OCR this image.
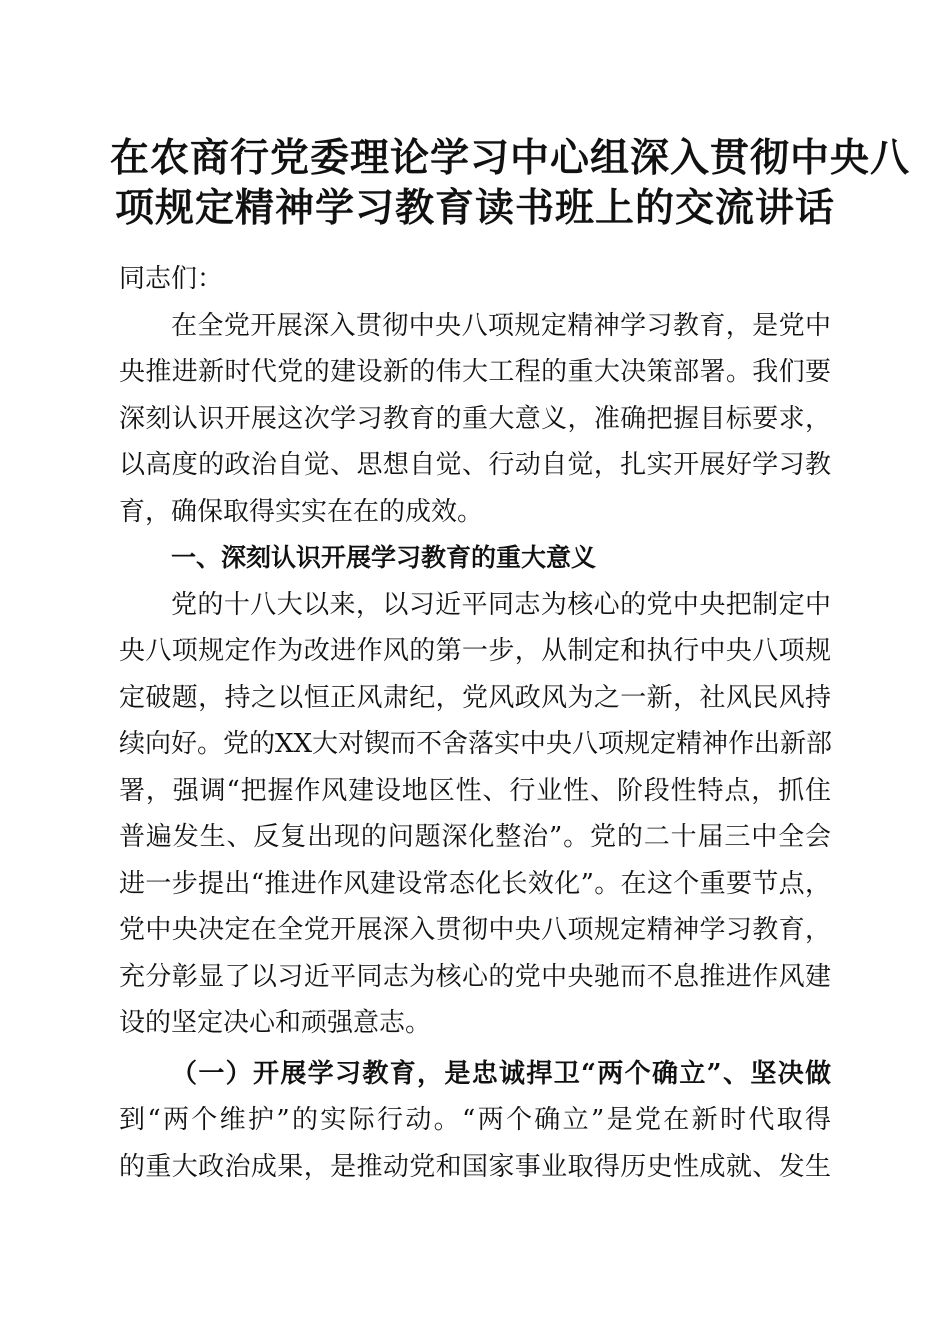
在农商行党委理论学习中心组深入贯彻中央八
项规定精神学习教育读书班上的交流讲话
同志们：
在全党开展深入贯彻中央八项规定精神学习教育，是党中
央推进新时代党的建设新的伟大工程的重大决策部署。我们要
深刻认识开展这次学习教育的重大意义，准确把握目标要求，
以高度的政治自觉、思想自觉、行动自觉，扎实开展好学习教
育，确保取得实实在在的成效。
一、深刻认识开展学习教育的重大意义
党的十八大以来，以习近平同志为核心的党中央把制定中
央八项规定作为改进作风的第一步，从制定和执行中央八项规
定破题，持之以恒正风肃纪，党风政风为之一新，社风民风持
续向好。党的XX大对锲而不舍落实中央八项规定精神作出新部
署，强调“把握作风建设地区性、行业性、阶段性特点，抓住
普遍发生、反复出现的问题深化整治”。党的二十届三中全会
进一步提出“推进作风建设常态化长效化”。在这个重要节点，
党中央决定在全党开展深入贯彻中央八项规定精神学习教育，
充分彰显了以习近平同志为核心的党中央驰而不息推进作风建
设的坚定决心和顽强意志。
（一）开展学习教育，是忠诚捍卫“两个确立”、坚决做
到“两个维护”的实际行动。“两个确立”是党在新时代取得
的重大政治成果，是推动党和国家事业取得历史性成就、发生
